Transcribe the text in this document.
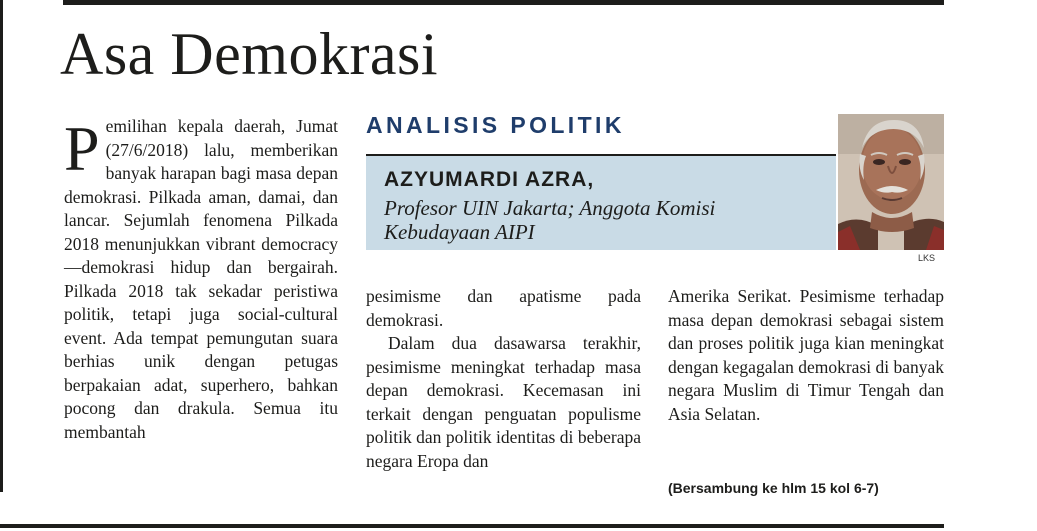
Asa Demokrasi
ANALISIS POLITIK
AZYUMARDI AZRA,
Profesor UIN Jakarta; Anggota Komisi Kebudayaan AIPI
LKS

Pemilihan kepala daerah, Jumat (27/6/2018) lalu, memberikan banyak harapan bagi masa depan demokrasi. Pilkada aman, damai, dan lancar. Sejumlah fenomena Pilkada 2018 menunjukkan vibrant democracy—demokrasi hidup dan bergairah. Pilkada 2018 tak sekadar peristiwa politik, tetapi juga social-cultural event. Ada tempat pemungutan suara berhias unik dengan petugas berpakaian adat, superhero, bahkan pocong dan drakula. Semua itu membantah

pesimisme dan apatisme pada demokrasi.

Dalam dua dasawarsa terakhir, pesimisme meningkat terhadap masa depan demokrasi. Kecemasan ini terkait dengan penguatan populisme politik dan politik identitas di beberapa negara Eropa dan

Amerika Serikat. Pesimisme terhadap masa depan demokrasi sebagai sistem dan proses politik juga kian meningkat dengan kegagalan demokrasi di banyak negara Muslim di Timur Tengah dan Asia Selatan.

(Bersambung ke hlm 15 kol 6-7)
